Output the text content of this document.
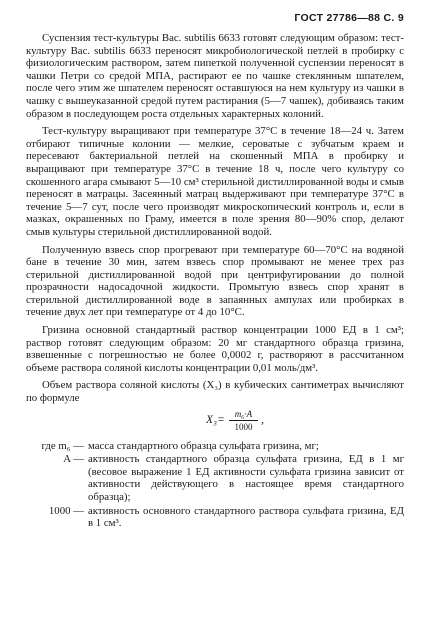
ГОСТ 27786—88 С. 9

Суспензия тест-культуры Bac. subtilis 6633 готовят следующим образом: тест-культуру Bac. subtilis 6633 переносят микробиологической петлей в пробирку с физиологическим раствором, затем пипеткой полученной суспензии переносят в чашки Петри со средой МПА, растирают ее по чашке стеклянным шпателем, после чего этим же шпателем переносят оставшуюся на нем культуру из чашки в чашку с вышеуказанной средой путем растирания (5—7 чашек), добиваясь таким образом в последующем роста отдельных характерных колоний.

Тест-культуру выращивают при температуре 37°С в течение 18—24 ч. Затем отбирают типичные колонии — мелкие, сероватые с зубчатым краем и пересевают бактериальной петлей на скошенный МПА в пробирку и выращивают при температуре 37°С в течение 18 ч, после чего культуру со скошенного агара смывают 5—10 см³ стерильной дистиллированной воды и смыв переносят в матрацы. Засеянный матрац выдерживают при температуре 37°С в течение 5—7 сут, после чего производят микроскопический контроль и, если в мазках, окрашенных по Граму, имеется в поле зрения 80—90% спор, делают смыв культуры стерильной дистиллированной водой.

Полученную взвесь спор прогревают при температуре 60—70°С на водяной бане в течение 30 мин, затем взвесь спор промывают не менее трех раз стерильной дистиллированной водой при центрифугировании до полной прозрачности надосадочной жидкости. Промытую взвесь спор хранят в стерильной дистиллированной воде в запаянных ампулах или пробирках в течение двух лет при температуре от 4 до 10°С.

Гризина основной стандартный раствор концентрации 1000 ЕД в 1 см³; раствор готовят следующим образом: 20 мг стандартного образца гризина, взвешенные с погрешностью не более 0,0002 г, растворяют в рассчитанном объеме раствора соляной кислоты концентрации 0,01 моль/дм³.

Объем раствора соляной кислоты (X₃) в кубических сантиметрах вычисляют по формуле

$X_3= \frac{\text{m₆·A}}{1000}$ ,
где m₆ — масса стандартного образца сульфата гризина, мг;
A — активность стандартного образца сульфата гризина, ЕД в 1 мг (весовое выражение 1 ЕД активности сульфата гризина зависит от активности действующего в настоящее время стандартного образца);
1000 — активность основного стандартного раствора сульфата гризина, ЕД в 1 см³.
